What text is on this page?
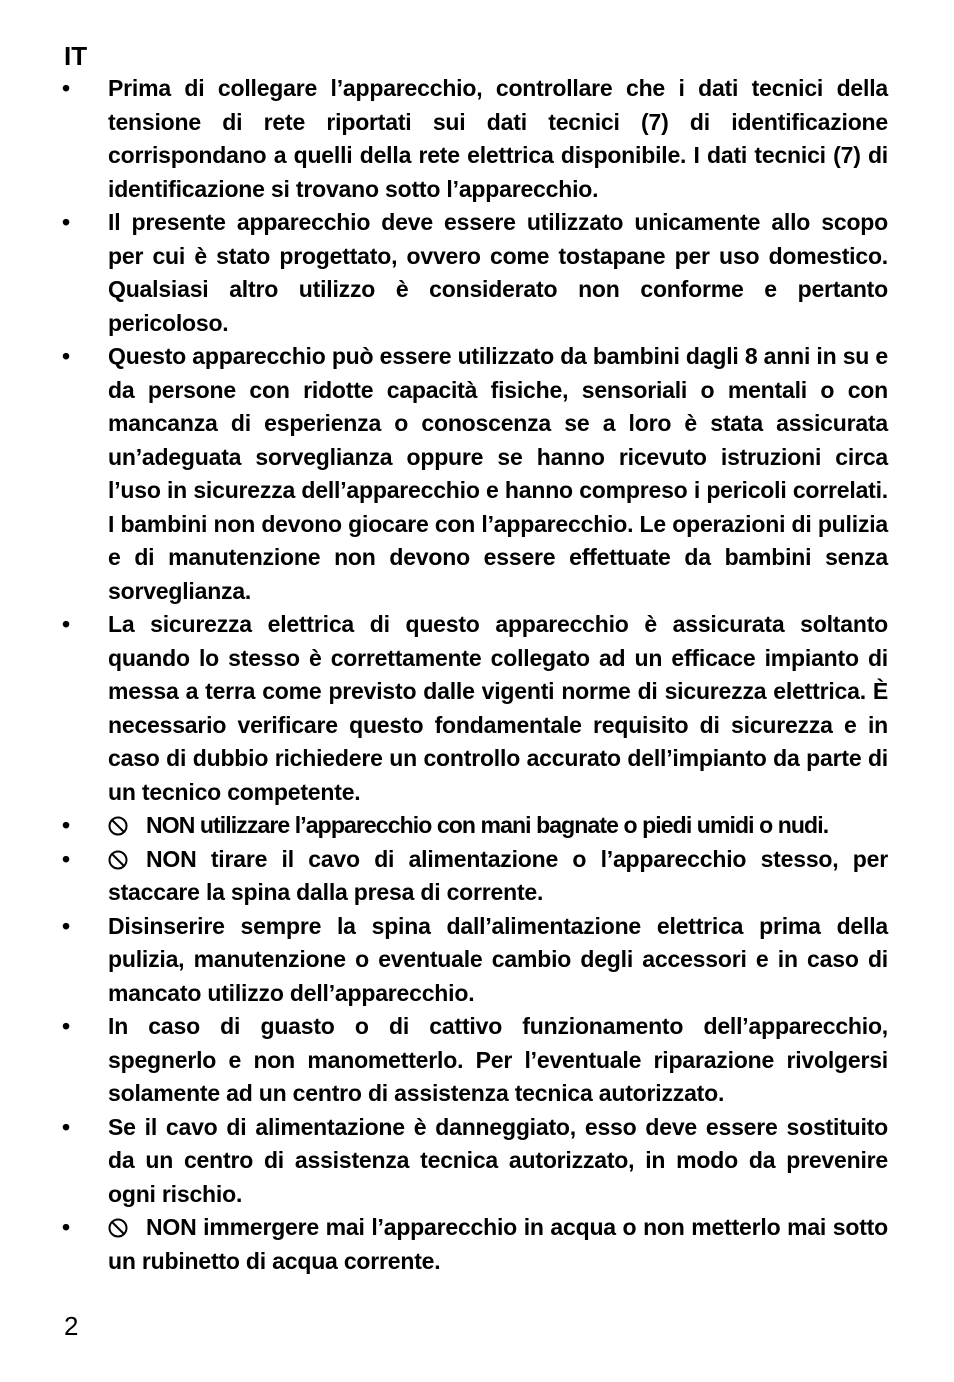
IT
•	Prima di collegare l’apparecchio, controllare che i dati tecnici della tensione di rete riportati sui dati tecnici (7) di identificazione corrispondano a quelli della rete elettrica disponibile. I dati tecnici (7) di identificazione si trovano sotto l’apparecchio.
•	Il presente apparecchio deve essere utilizzato unicamente allo scopo per cui è stato progettato, ovvero come tostapane per uso domestico. Qualsiasi altro utilizzo è considerato non conforme e pertanto pericoloso.
•	Questo apparecchio può essere utilizzato da bambini dagli 8 anni in su e da persone con ridotte capacità fisiche, sensoriali o mentali o con mancanza di esperienza o conoscenza se a loro è stata assicurata un’adeguata sorveglianza oppure se hanno ricevuto istruzioni circa l’uso in sicurezza dell’apparecchio e hanno compreso i pericoli correlati. I bambini non devono giocare con l’apparecchio. Le operazioni di pulizia e di manutenzione non devono essere effettuate da bambini senza sorveglianza.
•	La sicurezza elettrica di questo apparecchio è assicurata soltanto quando lo stesso è correttamente collegato ad un efficace impianto di messa a terra come previsto dalle vigenti norme di sicurezza elettrica. È necessario verificare questo fondamentale requisito di sicurezza e in caso di dubbio richiedere un controllo accurato dell’impianto da parte di un tecnico competente.
•	NON utilizzare l’apparecchio con mani bagnate o piedi umidi o nudi.
•	NON tirare il cavo di alimentazione o l’apparecchio stesso, per staccare la spina dalla presa di corrente.
•	Disinserire sempre la spina dall’alimentazione elettrica prima della pulizia, manutenzione o eventuale cambio degli accessori e in caso di mancato utilizzo dell’apparecchio.
•	In caso di guasto o di cattivo funzionamento dell’apparecchio, spegnerlo e non manometterlo. Per l’eventuale riparazione rivolgersi solamente ad un centro di assistenza tecnica autorizzato.
•	Se il cavo di alimentazione è danneggiato, esso deve essere sostituito da un centro di assistenza tecnica autorizzato, in modo da prevenire ogni rischio.
•	NON immergere mai l’apparecchio in acqua o non metterlo mai sotto un rubinetto di acqua corrente.
2
